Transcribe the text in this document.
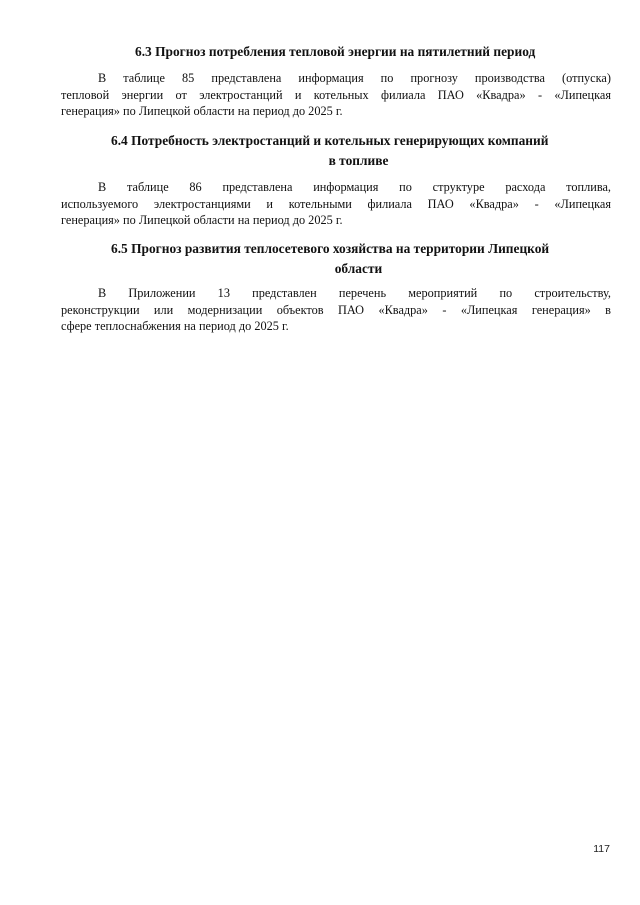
6.3 Прогноз потребления тепловой энергии на пятилетний период
В таблице 85 представлена информация по прогнозу производства (отпуска)
тепловой энергии от электростанций и котельных филиала ПАО «Квадра» - «Липецкая
генерация» по Липецкой области на период до 2025 г.
6.4 Потребность электростанций и котельных генерирующих компаний
в топливе
В таблице 86 представлена информация по структуре расхода топлива,
используемого электростанциями и котельными филиала ПАО «Квадра» - «Липецкая
генерация» по Липецкой области на период до 2025 г.
6.5 Прогноз развития теплосетевого хозяйства на территории Липецкой
области
В Приложении 13 представлен перечень мероприятий по строительству,
реконструкции или модернизации объектов ПАО «Квадра» - «Липецкая генерация» в
сфере теплоснабжения на период до 2025 г.
117
